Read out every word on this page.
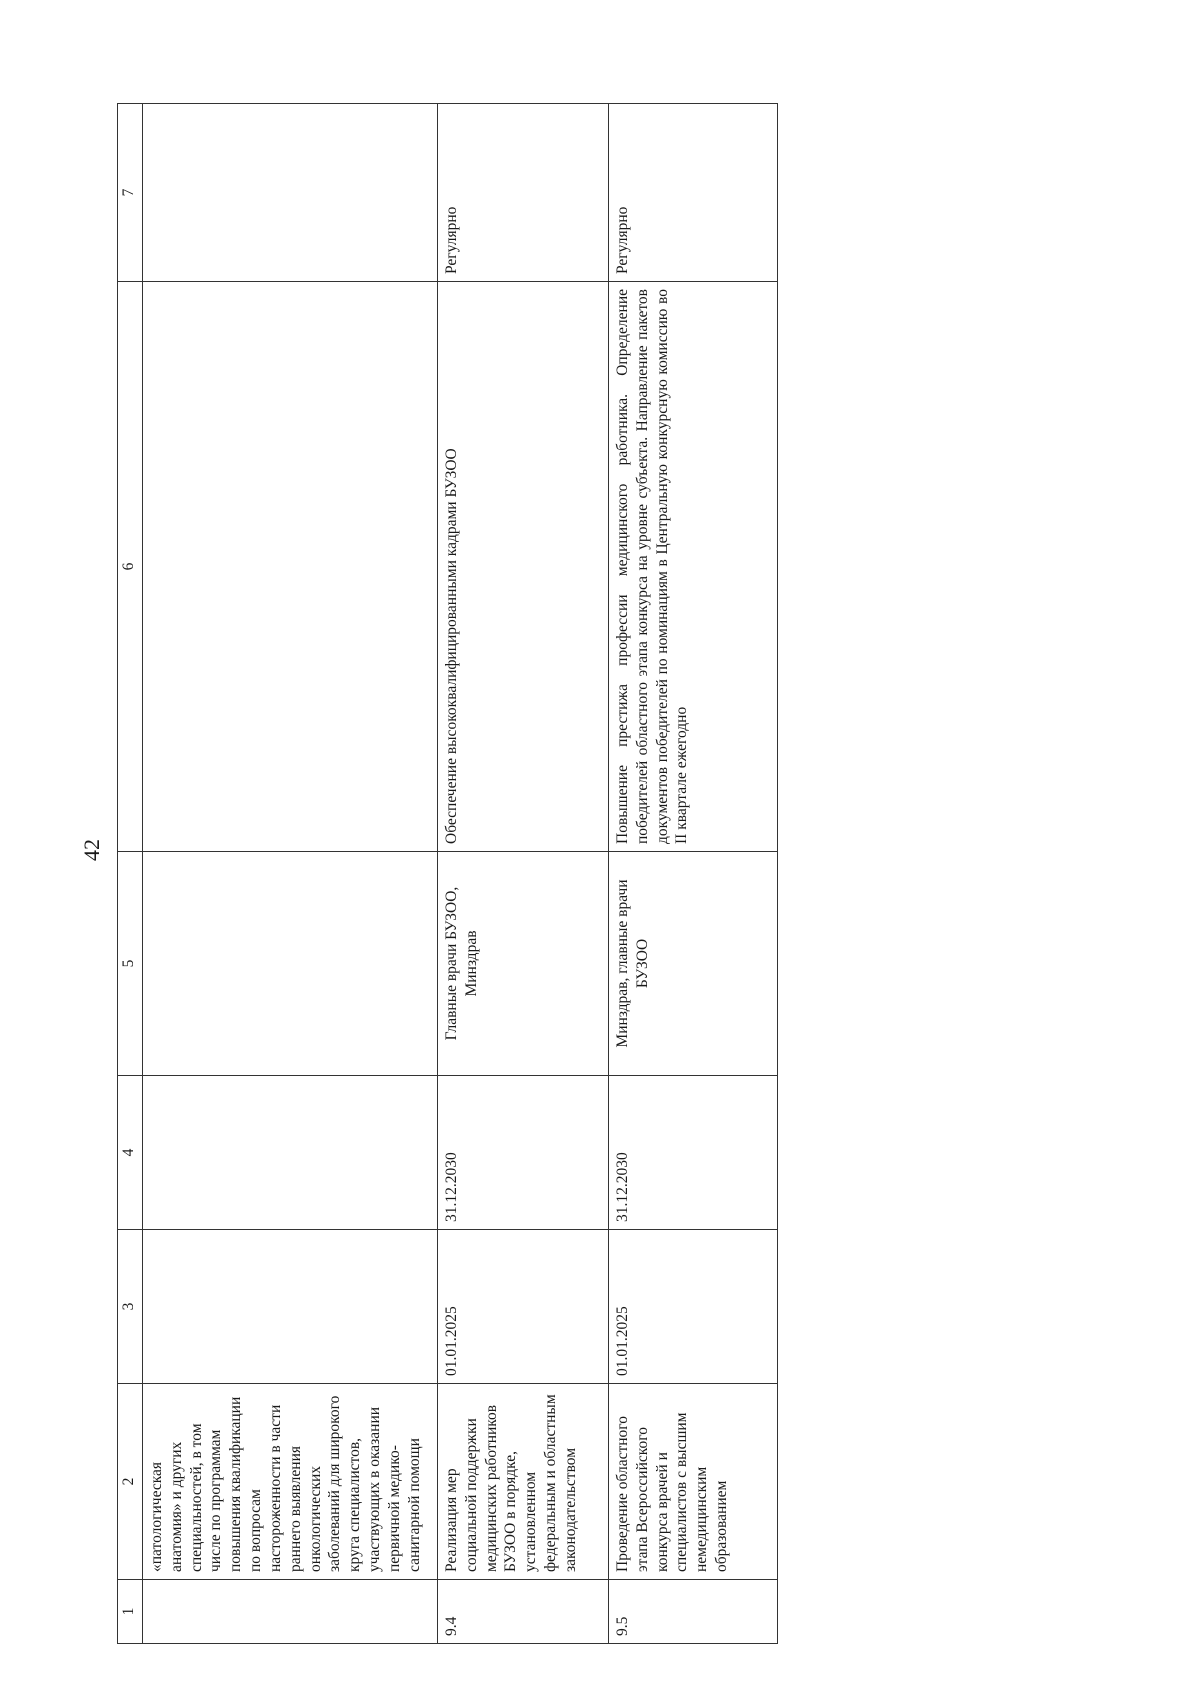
42
1	2	3	4	5	6	7
	«патологическая анатомия» и других специальностей, в том числе по программам повышения квалификации по вопросам настороженности в части раннего выявления онкологических заболеваний для широкого круга специалистов, участвующих в оказании первичной медико-санитарной помощи					
9.4	Реализация мер социальной поддержки медицинских работников БУЗОО в порядке, установленном федеральным и областным законодательством	01.01.2025	31.12.2030	Главные врачи БУЗОО, Минздрав	Обеспечение высококвалифицированными кадрами БУЗОО	Регулярно
9.5	Проведение областного этапа Всероссийского конкурса врачей и специалистов с высшим немедицинским образованием	01.01.2025	31.12.2030	Минздрав, главные врачи БУЗОО	Повышение престижа профессии медицинского работника. Определение победителей областного этапа конкурса на уровне субъекта. Направление пакетов документов победителей по номинациям в Центральную конкурсную комиссию во II квартале ежегодно	Регулярно
